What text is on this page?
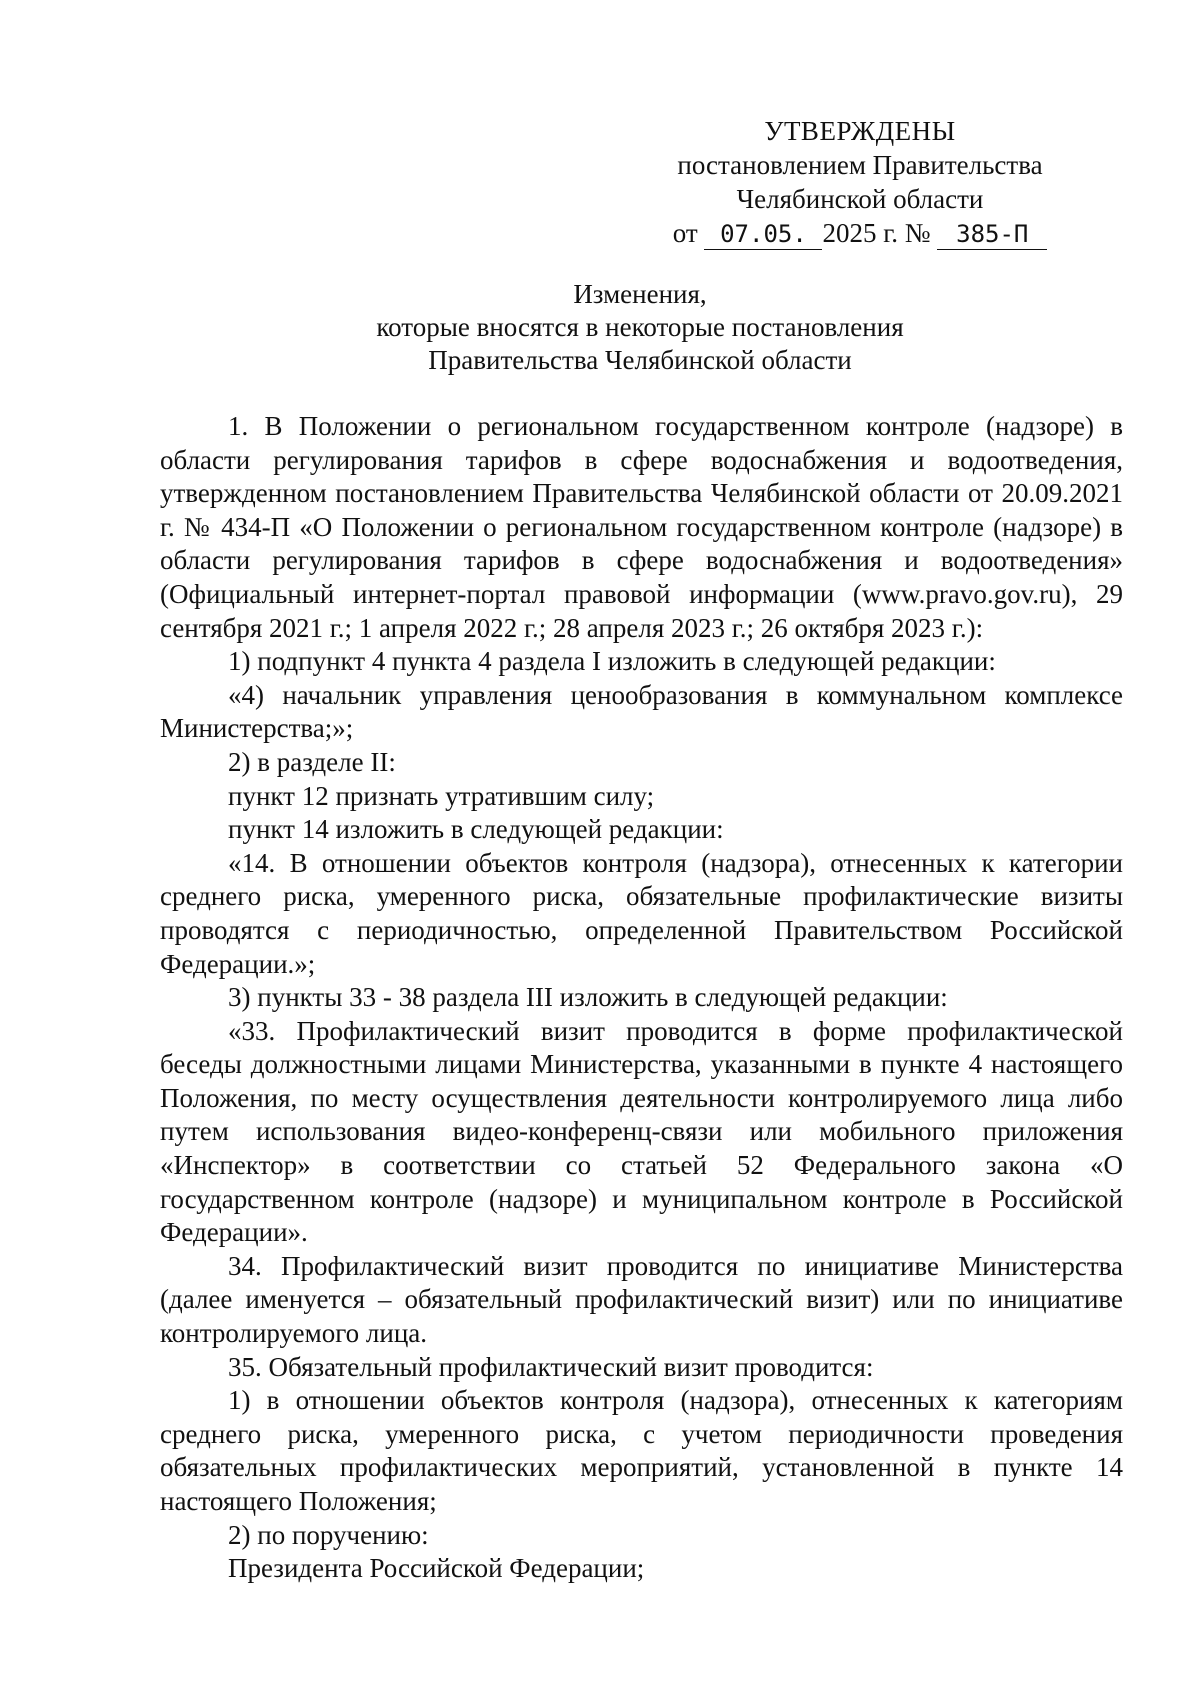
УТВЕРЖДЕНЫ
постановлением Правительства
Челябинской области
от 07.05. 2025 г. № 385-П
Изменения,
которые вносятся в некоторые постановления
Правительства Челябинской области

1. В Положении о региональном государственном контроле (надзоре) в области регулирования тарифов в сфере водоснабжения и водоотведения, утвержденном постановлением Правительства Челябинской области от 20.09.2021 г. № 434-П «О Положении о региональном государственном контроле (надзоре) в области регулирования тарифов в сфере водоснабжения и водоотведения» (Официальный интернет-портал правовой информации (www.pravo.gov.ru), 29 сентября 2021 г.; 1 апреля 2022 г.; 28 апреля 2023 г.; 26 октября 2023 г.):

1) подпункт 4 пункта 4 раздела I изложить в следующей редакции:

«4) начальник управления ценообразования в коммунальном комплексе Министерства;»;

2) в разделе II:

пункт 12 признать утратившим силу;

пункт 14 изложить в следующей редакции:

«14. В отношении объектов контроля (надзора), отнесенных к категории среднего риска, умеренного риска, обязательные профилактические визиты проводятся с периодичностью, определенной Правительством Российской Федерации.»;

3) пункты 33 - 38 раздела III изложить в следующей редакции:

«33. Профилактический визит проводится в форме профилактической беседы должностными лицами Министерства, указанными в пункте 4 настоящего Положения, по месту осуществления деятельности контролируемого лица либо путем использования видео-конференц-связи или мобильного приложения «Инспектор» в соответствии со статьей 52 Федерального закона «О государственном контроле (надзоре) и муниципальном контроле в Российской Федерации».

34. Профилактический визит проводится по инициативе Министерства (далее именуется – обязательный профилактический визит) или по инициативе контролируемого лица.

35. Обязательный профилактический визит проводится:

1) в отношении объектов контроля (надзора), отнесенных к категориям среднего риска, умеренного риска, с учетом периодичности проведения обязательных профилактических мероприятий, установленной в пункте 14 настоящего Положения;

2) по поручению:

Президента Российской Федерации;
